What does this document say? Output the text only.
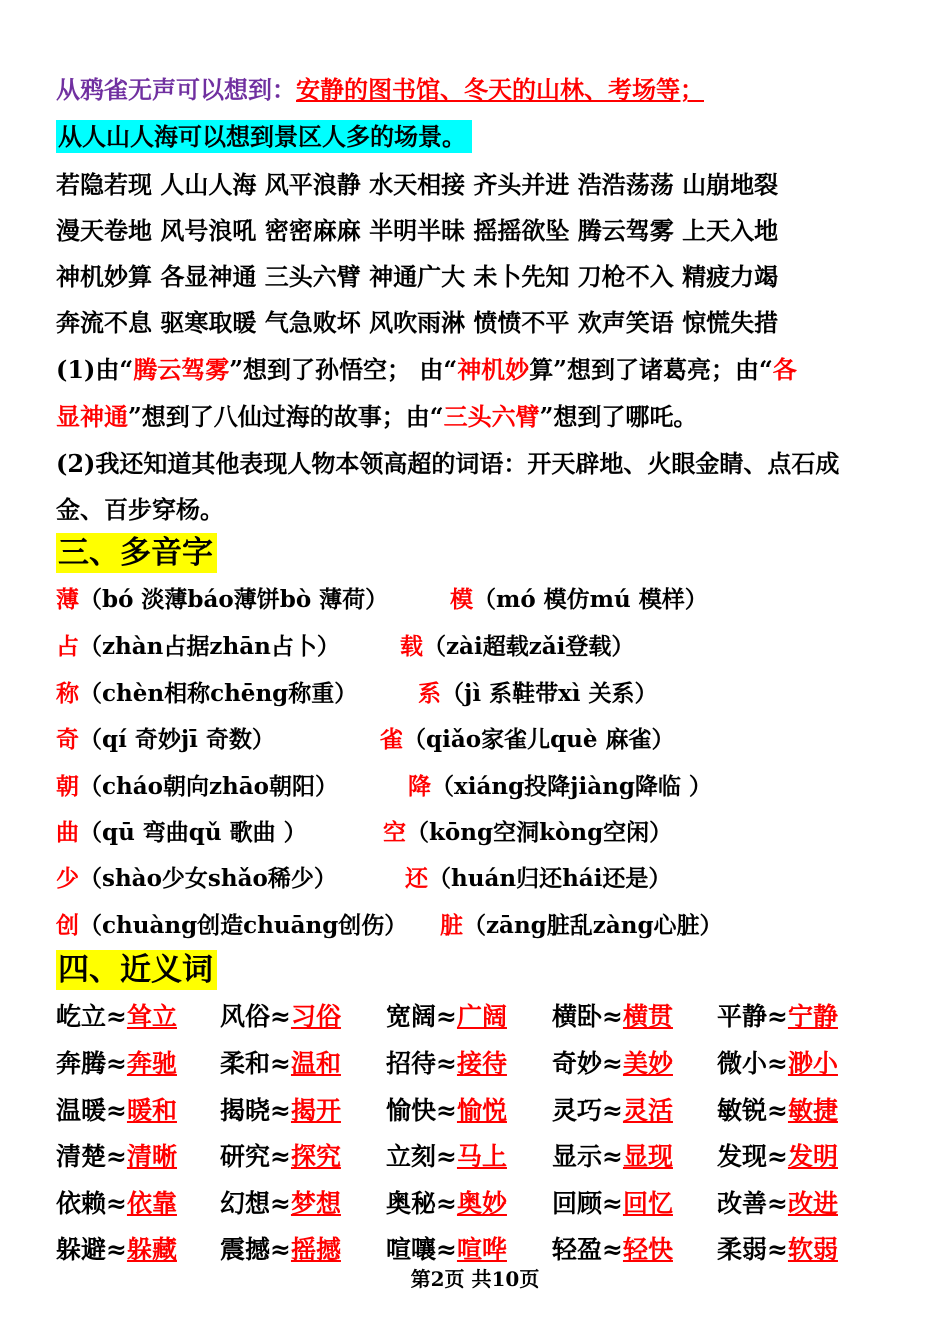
从鸦雀无声可以想到：安静的图书馆、冬天的山林、考场等；
从人山人海可以想到景区人多的场景。
若隐若现 人山人海 风平浪静 水天相接 齐头并进 浩浩荡荡 山崩地裂
漫天卷地 风号浪吼 密密麻麻 半明半昧 摇摇欲坠 腾云驾雾 上天入地
神机妙算 各显神通 三头六臂 神通广大 未卜先知 刀枪不入 精疲力竭
奔流不息 驱寒取暖 气急败坏 风吹雨淋 愤愤不平 欢声笑语 惊慌失措
(1)由“腾云驾雾”想到了孙悟空； 由“神机妙算”想到了诸葛亮；由“各
显神通”想到了八仙过海的故事；由“三头六臂”想到了哪吒。
(2)我还知道其他表现人物本领高超的词语：开天辟地、火眼金睛、点石成
金、百步穿杨。
三、多音字
薄（bó 淡薄báo薄饼bò 薄荷）	模（mó 模仿mú 模样）
占（zhàn占据zhān占卜）	载（zài超载zǎi登载）
称（chèn相称chēng称重）	系（jì 系鞋带xì 关系）
奇（qí 奇妙jī 奇数）	雀（qiǎo家雀儿què 麻雀）
朝（cháo朝向zhāo朝阳）	降（xiáng投降jiàng降临 ）
曲（qū 弯曲qǔ 歌曲 ）	空（kōng空洞kòng空闲）
少（shào少女shǎo稀少）	还（huán归还hái还是）
创（chuàng创造chuāng创伤） 脏（zāng脏乱zàng心脏）
四、近义词
屹立≈耸立 风俗≈习俗 宽阔≈广阔 横卧≈横贯 平静≈宁静
奔腾≈奔驰 柔和≈温和 招待≈接待 奇妙≈美妙 微小≈渺小
温暖≈暖和 揭晓≈揭开 愉快≈愉悦 灵巧≈灵活 敏锐≈敏捷
清楚≈清晰 研究≈探究 立刻≈马上 显示≈显现 发现≈发明
依赖≈依靠 幻想≈梦想 奥秘≈奥妙 回顾≈回忆 改善≈改进
躲避≈躲藏 震撼≈摇撼 喧嚷≈喧哗 轻盈≈轻快 柔弱≈软弱
第2页 共10页
